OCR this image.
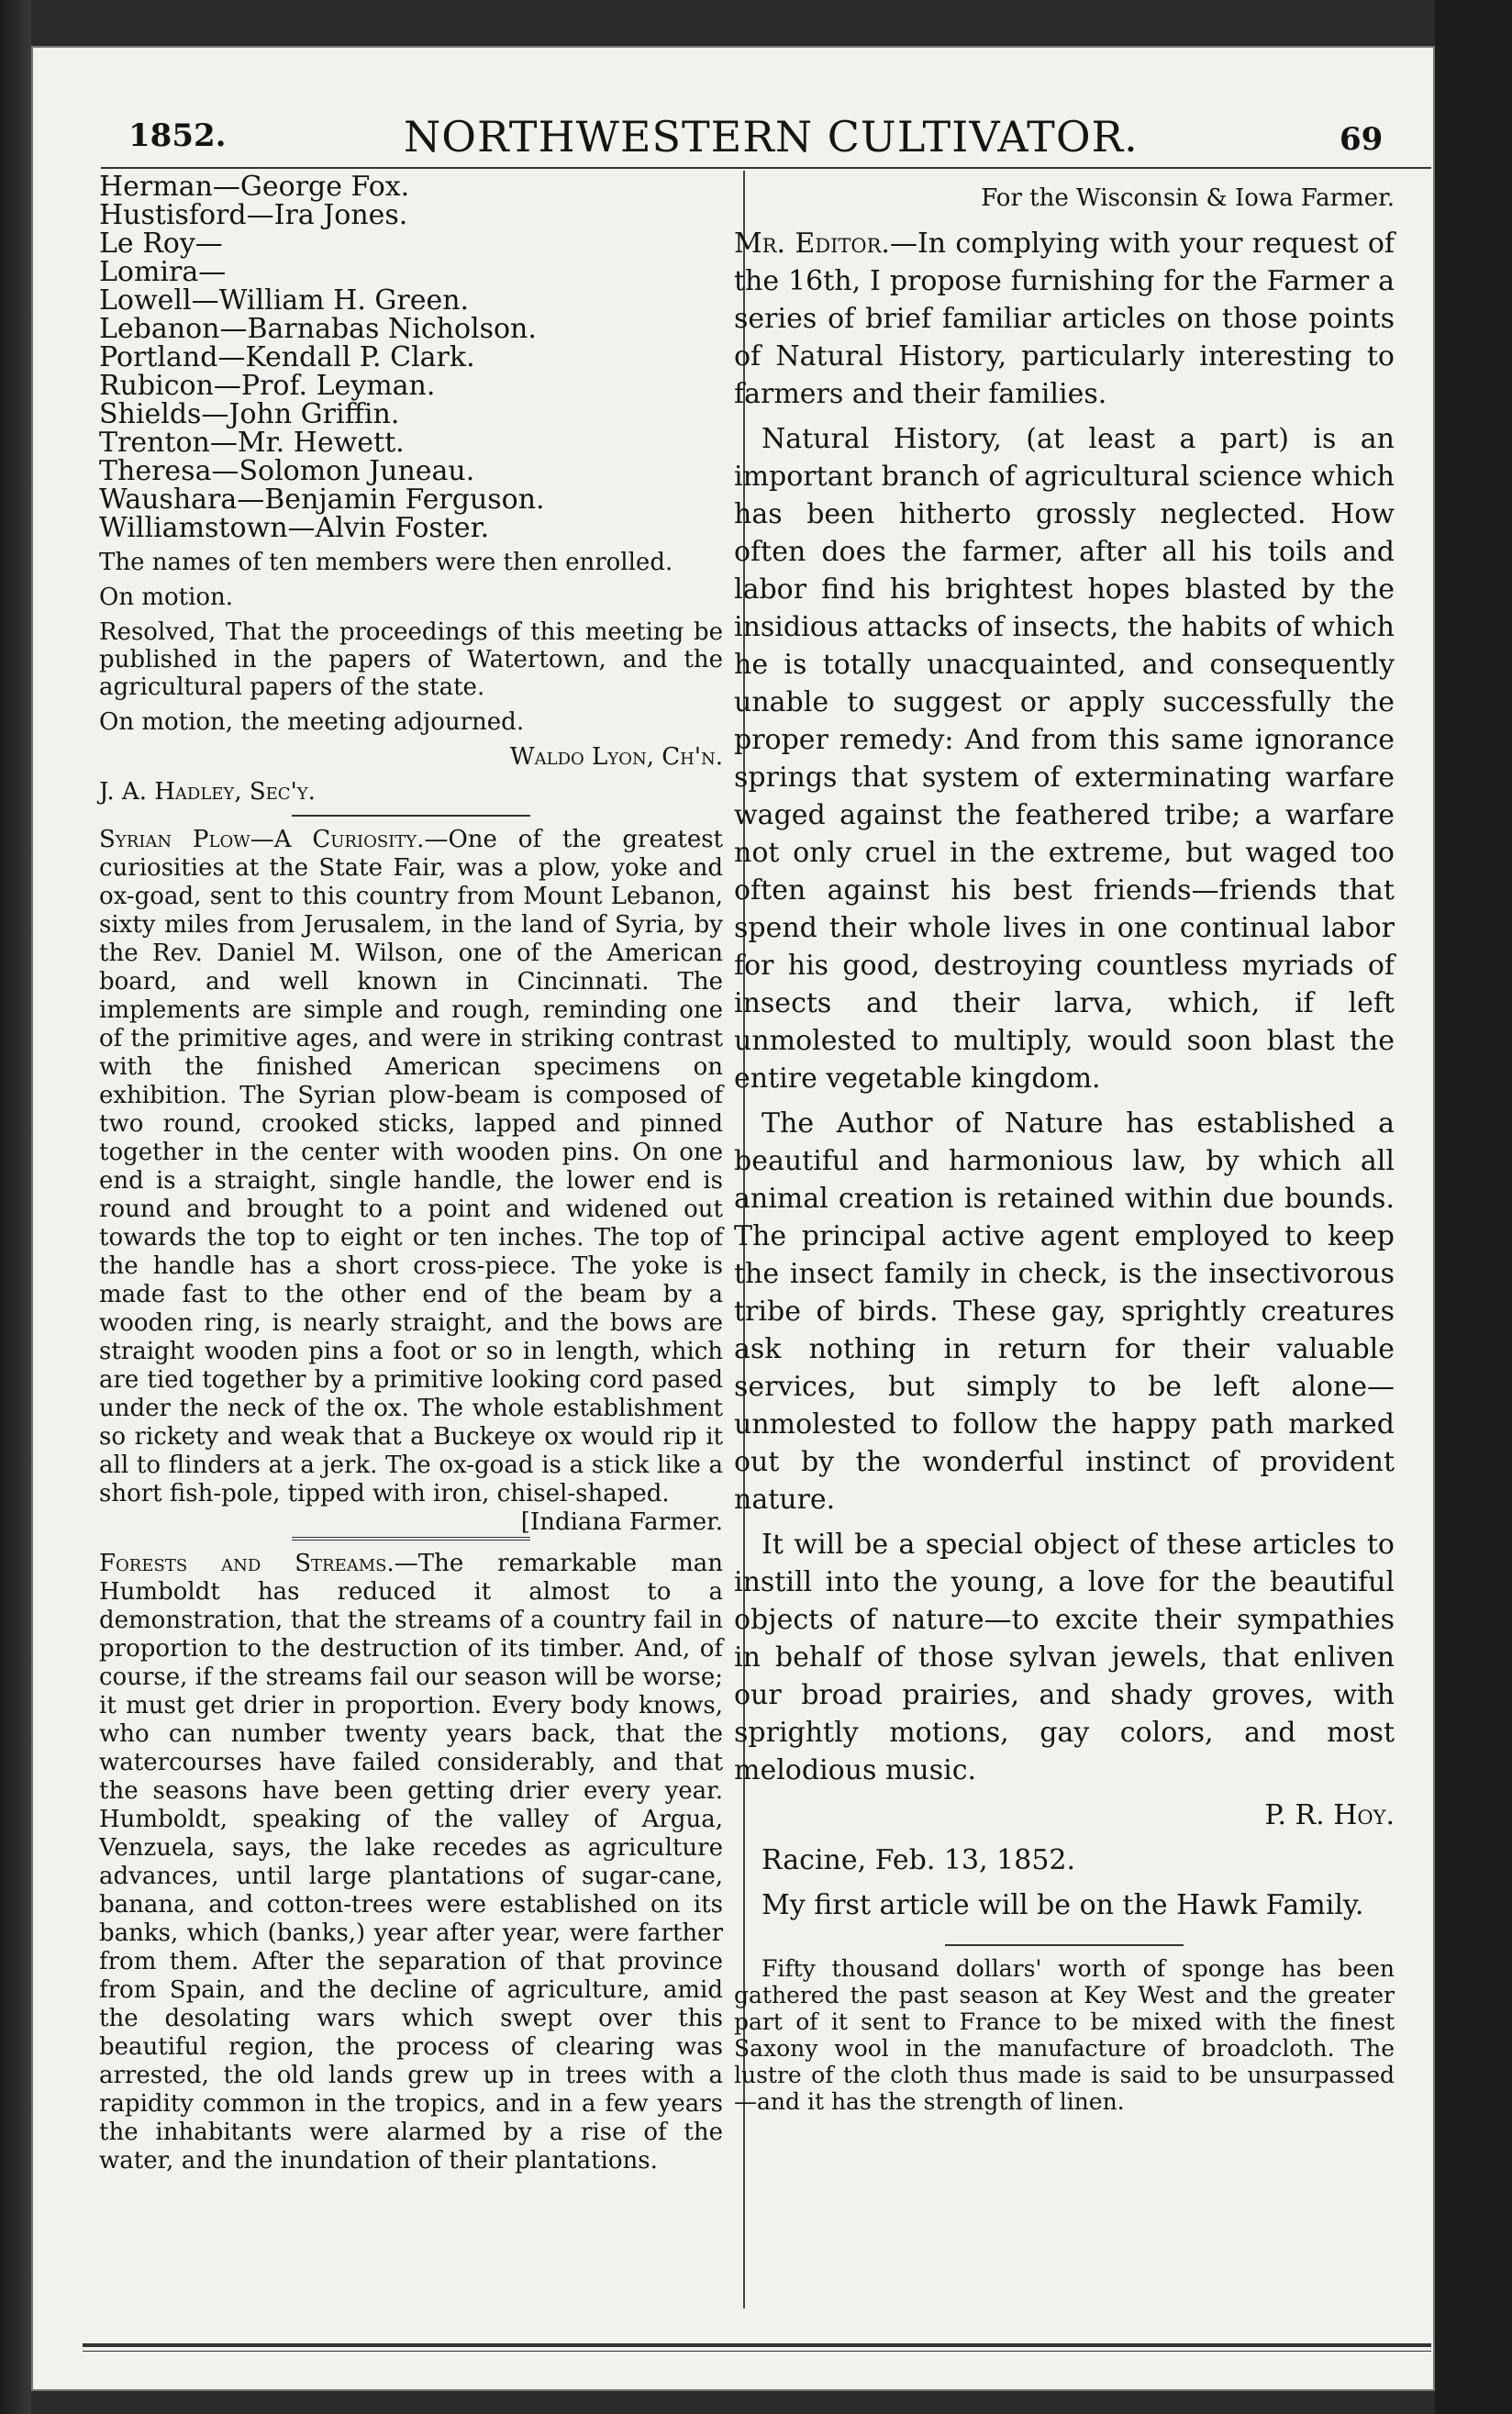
1852.	NORTHWESTERN CULTIVATOR.	69
Herman—George Fox.
Hustisford—Ira Jones.
Le Roy—
Lomira—
Lowell—William H. Green.
Lebanon—Barnabas Nicholson.
Portland—Kendall P. Clark.
Rubicon—Prof. Leyman.
Shields—John Griffin.
Trenton—Mr. Hewett.
Theresa—Solomon Juneau.
Waushara—Benjamin Ferguson.
Williamstown—Alvin Foster.

The names of ten members were then enrolled.

On motion.

Resolved, That the proceedings of this meeting be published in the papers of Watertown, and the agricultural papers of the state.

On motion, the meeting adjourned.

Waldo Lyon, Ch'n.

J. A. Hadley, Sec'y.

Syrian Plow—A Curiosity.—One of the greatest curiosities at the State Fair, was a plow, yoke and ox-goad, sent to this country from Mount Lebanon, sixty miles from Jerusalem, in the land of Syria, by the Rev. Daniel M. Wilson, one of the American board, and well known in Cincinnati. The implements are simple and rough, reminding one of the primitive ages, and were in striking contrast with the finished American specimens on exhibition. The Syrian plow-beam is composed of two round, crooked sticks, lapped and pinned together in the center with wooden pins. On one end is a straight, single handle, the lower end is round and brought to a point and widened out towards the top to eight or ten inches. The top of the handle has a short cross-piece. The yoke is made fast to the other end of the beam by a wooden ring, is nearly straight, and the bows are straight wooden pins a foot or so in length, which are tied together by a primitive looking cord pased under the neck of the ox. The whole establishment so rickety and weak that a Buckeye ox would rip it all to flinders at a jerk. The ox-goad is a stick like a short fish-pole, tipped with iron, chisel-shaped.
[Indiana Farmer.

Forests and Streams.—The remarkable man Humboldt has reduced it almost to a demonstration, that the streams of a country fail in proportion to the destruction of its timber. And, of course, if the streams fail our season will be worse; it must get drier in proportion. Every body knows, who can number twenty years back, that the watercourses have failed considerably, and that the seasons have been getting drier every year. Humboldt, speaking of the valley of Argua, Venzuela, says, the lake recedes as agriculture advances, until large plantations of sugar-cane, banana, and cotton-trees were established on its banks, which (banks,) year after year, were farther from them. After the separation of that province from Spain, and the decline of agriculture, amid the desolating wars which swept over this beautiful region, the process of clearing was arrested, the old lands grew up in trees with a rapidity common in the tropics, and in a few years the inhabitants were alarmed by a rise of the water, and the inundation of their plantations.

For the Wisconsin & Iowa Farmer.

Mr. Editor.—In complying with your request of the 16th, I propose furnishing for the Farmer a series of brief familiar articles on those points of Natural History, particularly interesting to farmers and their families.

Natural History, (at least a part) is an important branch of agricultural science which has been hitherto grossly neglected. How often does the farmer, after all his toils and labor find his brightest hopes blasted by the insidious attacks of insects, the habits of which he is totally unacquainted, and consequently unable to suggest or apply successfully the proper remedy: And from this same ignorance springs that system of exterminating warfare waged against the feathered tribe; a warfare not only cruel in the extreme, but waged too often against his best friends—friends that spend their whole lives in one continual labor for his good, destroying countless myriads of insects and their larva, which, if left unmolested to multiply, would soon blast the entire vegetable kingdom.

The Author of Nature has established a beautiful and harmonious law, by which all animal creation is retained within due bounds. The principal active agent employed to keep the insect family in check, is the insectivorous tribe of birds. These gay, sprightly creatures ask nothing in return for their valuable services, but simply to be left alone—unmolested to follow the happy path marked out by the wonderful instinct of provident nature.

It will be a special object of these articles to instill into the young, a love for the beautiful objects of nature—to excite their sympathies in behalf of those sylvan jewels, that enliven our broad prairies, and shady groves, with sprightly motions, gay colors, and most melodious music.

P. R. Hoy.

Racine, Feb. 13, 1852.

My first article will be on the Hawk Family.

Fifty thousand dollars' worth of sponge has been gathered the past season at Key West and the greater part of it sent to France to be mixed with the finest Saxony wool in the manufacture of broadcloth. The lustre of the cloth thus made is said to be unsurpassed—and it has the strength of linen.
